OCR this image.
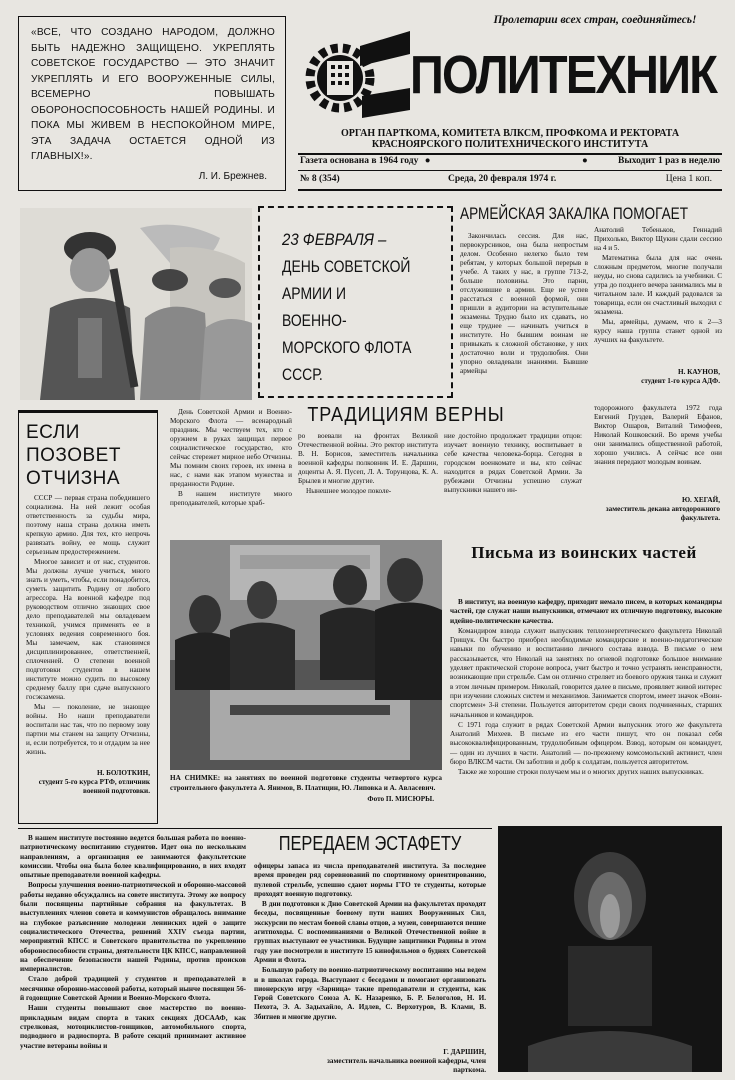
«ВСЕ, ЧТО СОЗДАНО НАРОДОМ, ДОЛЖНО БЫТЬ НАДЕЖНО ЗАЩИЩЕНО. УКРЕПЛЯТЬ СОВЕТСКОЕ ГОСУДАРСТВО — ЭТО ЗНАЧИТ УКРЕПЛЯТЬ И ЕГО ВООРУЖЕННЫЕ СИЛЫ, ВСЕМЕРНО ПОВЫШАТЬ ОБОРОНОСПОСОБНОСТЬ НАШЕЙ РОДИНЫ. И ПОКА МЫ ЖИВЕМ В НЕСПОКОЙНОМ МИРЕ, ЭТА ЗАДАЧА ОСТАЕТСЯ ОДНОЙ ИЗ ГЛАВНЫХ!».
Л. И. Брежнев.
Пролетарии всех стран, соединяйтесь!
ПОЛИТЕХНИК
ОРГАН ПАРТКОМА, КОМИТЕТА ВЛКСМ, ПРОФКОМА И РЕКТОРАТА
КРАСНОЯРСКОГО ПОЛИТЕХНИЧЕСКОГО ИНСТИТУТА
Газета основана в 1964 году ●	●	Выходит 1 раз в неделю
№ 8 (354)	Среда, 20 февраля 1974 г.	Цена 1 коп.
23 ФЕВРАЛЯ –
ДЕНЬ СОВЕТСКОЙ
АРМИИ И ВОЕННО-
МОРСКОГО ФЛОТА
СССР.
АРМЕЙСКАЯ ЗАКАЛКА ПОМОГАЕТ
Закончилась сессия. Для нас, первокурсников, она была непростым делом. Особенно нелегко было тем ребятам, у которых большой перерыв в учебе. А таких у нас, в группе 713-2, больше половины. Это парни, отслужившие в армии. Еще не успев расстаться с военной формой, они пришли в аудитории на вступительные экзамены. Трудно было их сдавать, но еще труднее — начинать учиться в институте. Но бывшим воинам не привыкать к сложной обстановке, у них достаточно воли и трудолюбия. Они упорно овладевали знаниями. Бывшие армейцы

Анатолий Тебеньков, Геннадий Прихолько, Виктор Щукин сдали сессию на 4 и 5.

Математика была для нас очень сложным предметом, многие получали неуды, но снова садились за учебники. С утра до позднего вечера занимались мы в читальном зале. И каждый радовался за товарища, если он счастливый выходил с экзамена.

Мы, армейцы, думаем, что к 2—3 курсу наша группа станет одной из лучших на факультете.

Н. КАУНОВ,
студент 1-го курса АДФ.
ЕСЛИ
ПОЗОВЕТ
ОТЧИЗНА

СССР — первая страна победившего социализма. На ней лежит особая ответственность за судьбы мира, поэтому наша страна должна иметь крепкую армию. Для тех, кто непрочь развязать войну, ее мощь служит серьезным предостережением.

Многое зависит и от нас, студентов. Мы должны лучше учиться, много знать и уметь, чтобы, если понадобится, суметь защитить Родину от любого агрессора. На военной кафедре под руководством отлично знающих свое дело преподавателей мы овладеваем техникой, учимся применять ее в условиях ведения современного боя. Мы замечаем, как становимся дисциплинированнее, ответственней, сплоченней. О степени военной подготовки студентов в нашем институте можно судить по высокому среднему баллу при сдаче выпускного госэкзамена.

Мы — поколение, не знающее войны. Но наши преподаватели воспитали нас так, что по первому зову партии мы станем на защиту Отчизны, и, если потребуется, то и отдадим за нее жизнь.

Н. БОЛОТКИН,
студент 5-го курса РТФ, отличник военной подготовки.
ТРАДИЦИЯМ ВЕРНЫ

День Советской Армии и Военно-Морского Флота — всенародный праздник. Мы чествуем тех, кто с оружием в руках защищал первое социалистическое государство, кто сейчас стережет мирное небо Отчизны. Мы помним своих героев, их имена в нас, с нами как этапом мужества и преданности Родине.

В нашем институте много преподавателей, которые храб-

ро воевали на фронтах Великой Отечественной войны. Это ректор института В. Н. Борисов, заместитель начальника военной кафедры полковник И. Е. Даршин, доценты А. Я. Пусеп, Л. А. Торунцова, К. А. Брылев и многие другие.

Нынешнее молодое поколе-

ние достойно продолжает традиции отцов: изучает военную технику, воспитывает в себе качества человека-борца. Сегодня в городском военкомате и вы, кто сейчас находится в рядах Советской Армии. За рубежами Отчизны успешно служат выпускники нашего ин-
тодорожного факультета 1972 года Евгений Груздев, Валерий Ефанов, Виктор Ошаров, Виталий Тимофеев, Николай Кошковский. Во время учебы они занимались общественной работой, хорошо учились. А сейчас все они знания передают молодым воинам.
Ю. ХЕГАЙ,
заместитель декана автодорожного факультета.
НА СНИМКЕ: на занятиях по военной подготовке студенты четвертого курса строительного факультета А. Янимов, В. Платицин, Ю. Липовка и А. Авласевич.
Фото П. МИСЮРЫ.
Письма из воинских частей

В институт, на военную кафедру, приходит немало писем, в которых командиры частей, где служат наши выпускники, отмечают их отличную подготовку, высокие идейно-политические качества.

Командиром взвода служит выпускник теплоэнергетического факультета Николай Грищук. Он быстро приобрел необходимые командирские и военно-педагогические навыки по обучению и воспитанию личного состава взвода. В письме о нем рассказывается, что Николай на занятиях по огневой подготовке большое внимание уделяет практической стороне вопроса, учит быстро и точно устранять неисправности, возникающие при стрельбе. Сам он отлично стреляет из боевого оружия танка и служит в этом личным примером. Николай, говорится далее в письме, проявляет живой интерес при изучении сложных систем и механизмов. Занимается спортом, имеет значок «Воин-спортсмен» 3-й степени. Пользуется авторитетом среди своих подчиненных, старших начальников и командиров.

С 1971 года служит в рядах Советской Армии выпускник этого же факультета Анатолий Михеев. В письме из его части пишут, что он показал себя высококвалифицированным, трудолюбивым офицером. Взвод, которым он командует, — один из лучших в части. Анатолий — по-прежнему комсомольский активист, член бюро ВЛКСМ части. Он заботлив и добр к солдатам, пользуется авторитетом.

Также же хорошие строки получаем мы и о многих других наших выпускниках.

В нашем институте постоянно ведется большая работа по военно-патриотическому воспитанию студентов. Идет она по нескольким направлениям, а организация ее занимаются факультетские комиссии. Чтобы она была более квалифицированно, в них входят опытные преподаватели военной кафедры.

Вопросы улучшения военно-патриотической и оборонно-массовой работы недавно обсуждались на совете института. Этому же вопросу были посвящены партийные собрания на факультетах. В выступлениях членов совета и коммунистов обращалось внимание на глубокое разъяснение молодежи ленинских идей о защите социалистического Отечества, решений XXIV съезда партии, мероприятий КПСС и Советского правительства по укреплению обороноспособности страны, деятельности ЦК КПСС, направленной на обеспечение безопасности нашей Родины, против происков империалистов.

Стало доброй традицией у студентов и преподавателей в месячнике оборонно-массовой работы, который нынче посвящен 56-й годовщине Советской Армии и Военно-Морского Флота.

Наши студенты повышают свое мастерство по военно-прикладным видам спорта в таких секциях ДОСААФ, как стрелковая, мотоциклистов-гонщиков, автомобильного спорта, подводного и радиоспорта. В работе секций принимают активное участие ветераны войны и

ПЕРЕДАЕМ ЭСТАФЕТУ

офицеры запаса из числа преподавателей института. За последнее время проведен ряд соревнований по спортивному ориентированию, пулевой стрельбе, успешно сдают нормы ГТО те студенты, которые проходят военную подготовку.

В дни подготовки к Дню Советской Армии на факультетах проходят беседы, посвященные боевому пути наших Вооруженных Сил, экскурсии по местам боевой славы отцов, а музеи, совершаются пешие агитпоходы. С воспоминаниями о Великой Отечественной войне в группах выступают ее участники. Будущие защитники Родины в этом году уже посмотрели в институте 15 кинофильмов о буднях Советской Армии и Флота.

Большую работу по военно-патриотическому воспитанию мы ведем и в школах города. Выступают с беседами и помогают организовать пионерскую игру «Зарница» такие преподаватели и студенты, как Герой Советского Союза А. К. Назаренко, Б. Р. Белоголов, Н. И. Пехота, Э. А. Задыхайло, А. Идлев, С. Верхотуров, В. Клами, В. Збитнев и многие другие.

Г. ДАРШИН,
заместитель начальника военной кафедры, член парткома.
